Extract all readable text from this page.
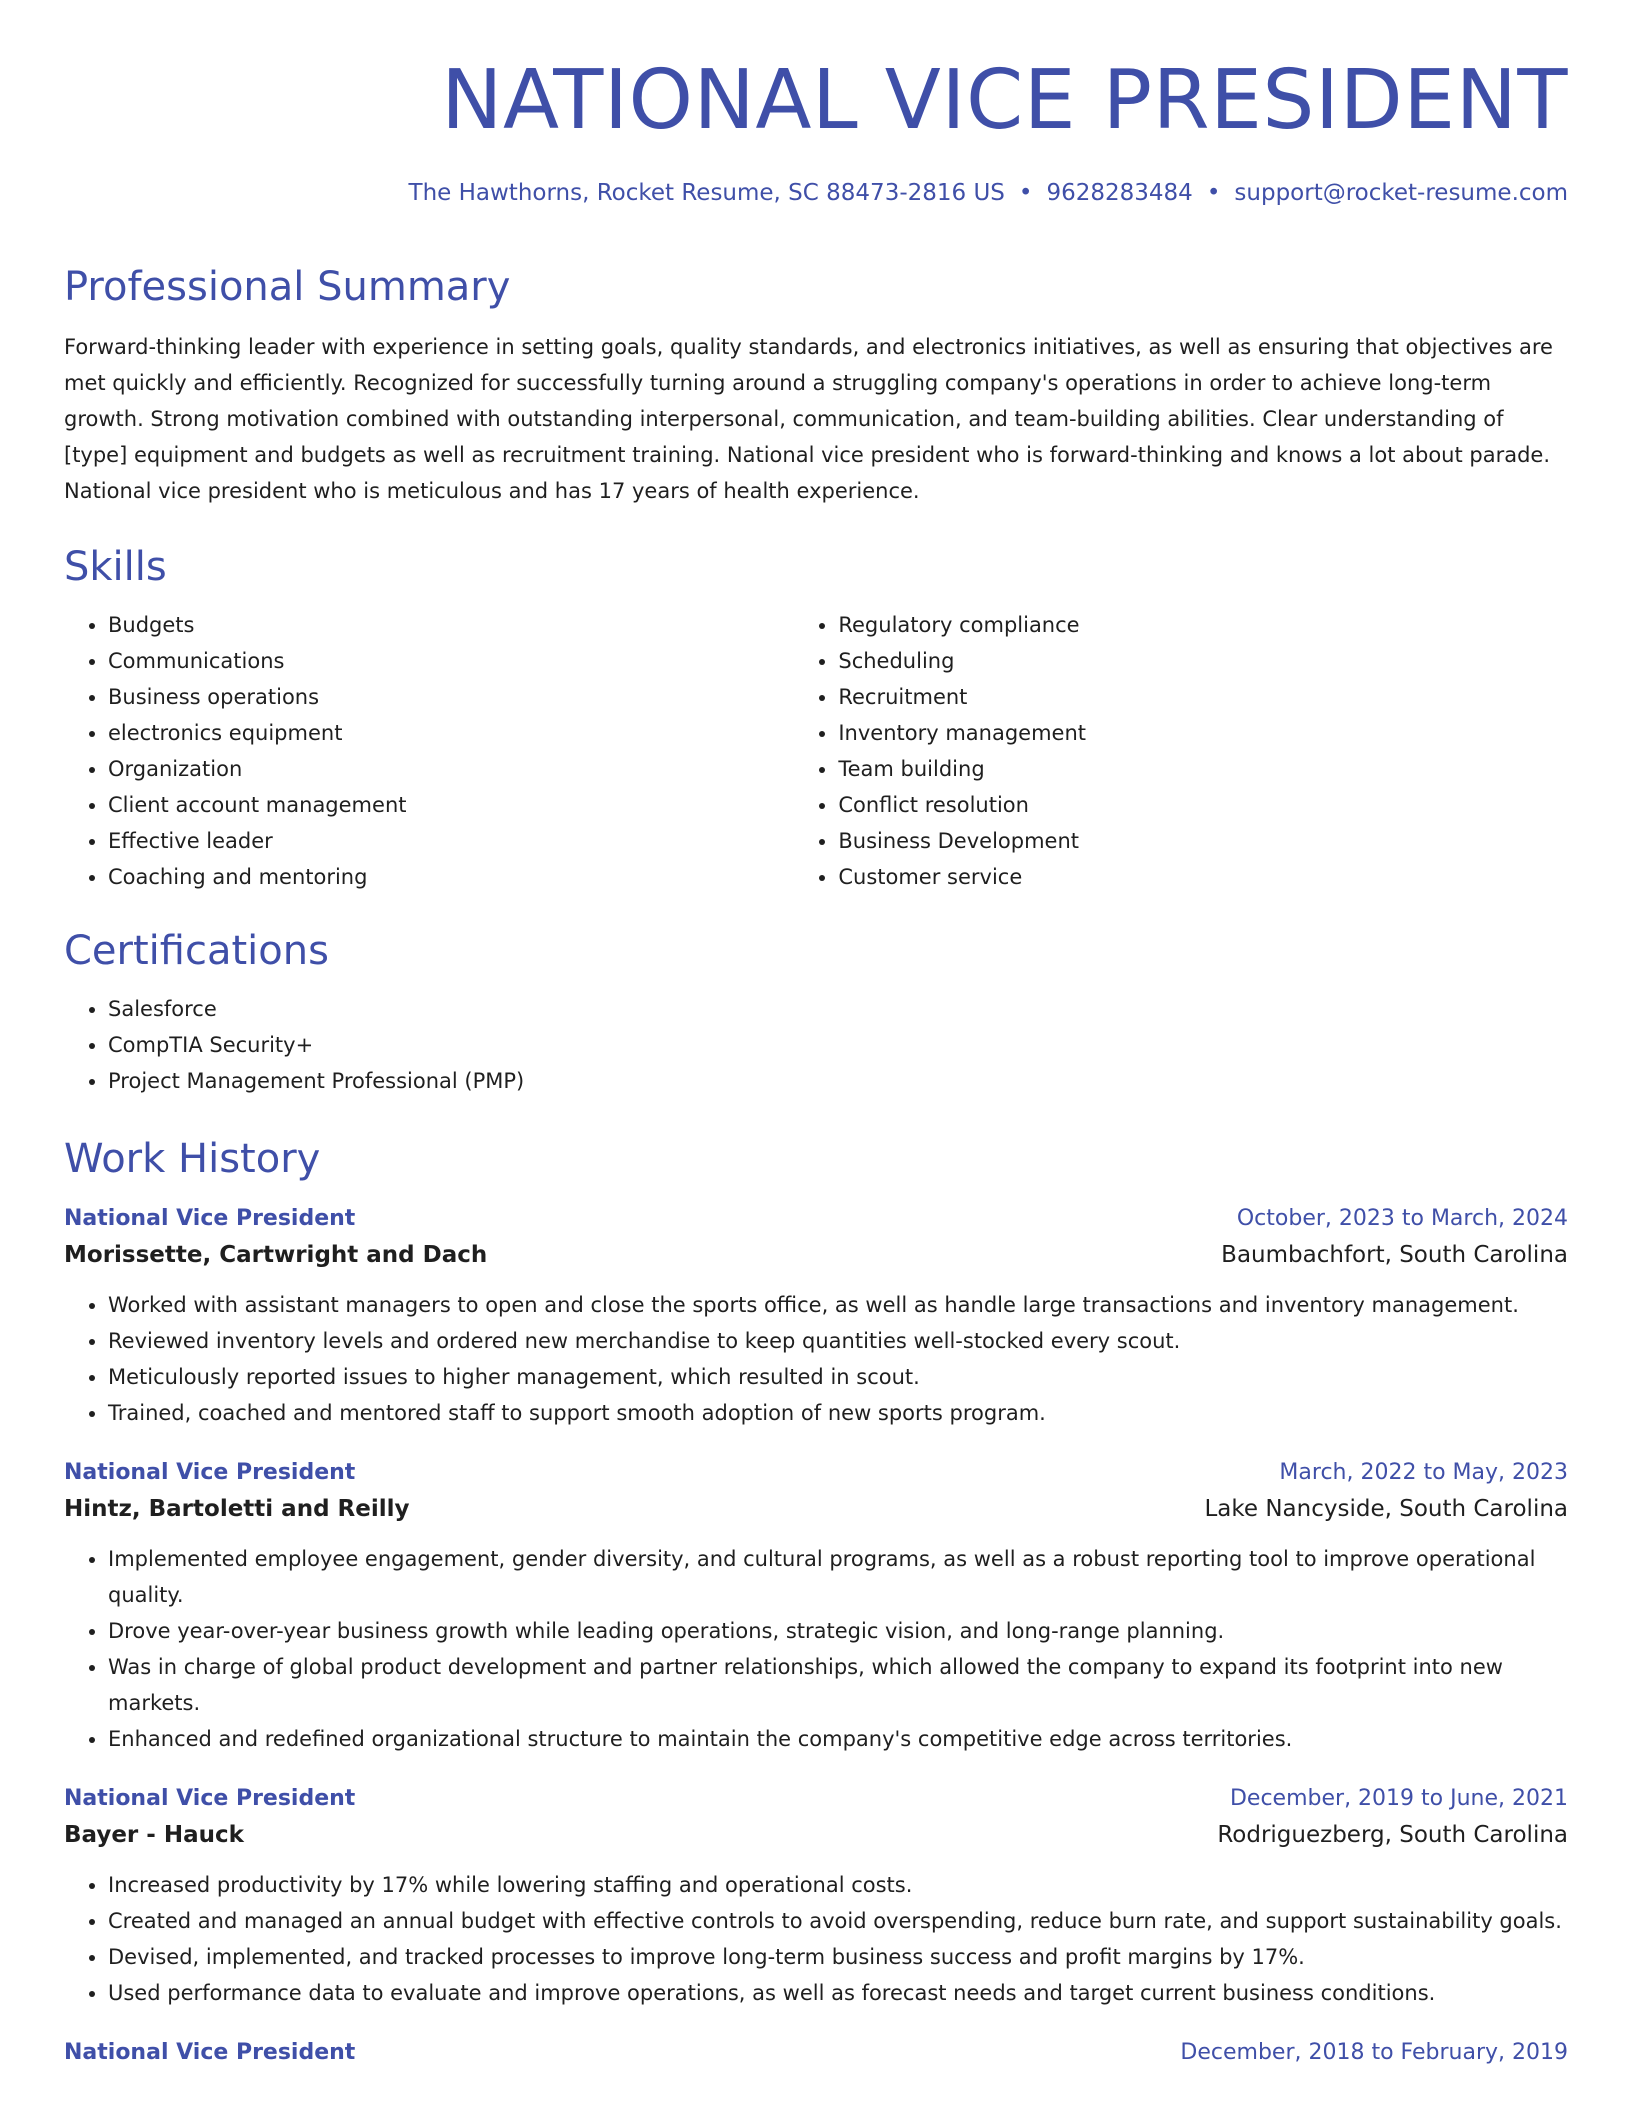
NATIONAL VICE PRESIDENT
The Hawthorns, Rocket Resume, SC 88473-2816 US • 9628283484 • support@rocket-resume.com
Professional Summary

Forward-thinking leader with experience in setting goals, quality standards, and electronics initiatives, as well as ensuring that objectives are met quickly and efficiently. Recognized for successfully turning around a struggling company's operations in order to achieve long-term growth. Strong motivation combined with outstanding interpersonal, communication, and team-building abilities. Clear understanding of [type] equipment and budgets as well as recruitment training. National vice president who is forward-thinking and knows a lot about parade. National vice president who is meticulous and has 17 years of health experience.

Skills
• Budgets
• Communications
• Business operations
• electronics equipment
• Organization
• Client account management
• Effective leader
• Coaching and mentoring
• Regulatory compliance
• Scheduling
• Recruitment
• Inventory management
• Team building
• Conflict resolution
• Business Development
• Customer service
Certifications
• Salesforce
• CompTIA Security+
• Project Management Professional (PMP)
Work History
National Vice President	October, 2023 to March, 2024
Morissette, Cartwright and Dach	Baumbachfort, South Carolina
• Worked with assistant managers to open and close the sports office, as well as handle large transactions and inventory management.
• Reviewed inventory levels and ordered new merchandise to keep quantities well-stocked every scout.
• Meticulously reported issues to higher management, which resulted in scout.
• Trained, coached and mentored staff to support smooth adoption of new sports program.
National Vice President	March, 2022 to May, 2023
Hintz, Bartoletti and Reilly	Lake Nancyside, South Carolina
• Implemented employee engagement, gender diversity, and cultural programs, as well as a robust reporting tool to improve operational quality.
• Drove year-over-year business growth while leading operations, strategic vision, and long-range planning.
• Was in charge of global product development and partner relationships, which allowed the company to expand its footprint into new markets.
• Enhanced and redefined organizational structure to maintain the company's competitive edge across territories.
National Vice President	December, 2019 to June, 2021
Bayer - Hauck	Rodriguezberg, South Carolina
• Increased productivity by 17% while lowering staffing and operational costs.
• Created and managed an annual budget with effective controls to avoid overspending, reduce burn rate, and support sustainability goals.
• Devised, implemented, and tracked processes to improve long-term business success and profit margins by 17%.
• Used performance data to evaluate and improve operations, as well as forecast needs and target current business conditions.
National Vice President	December, 2018 to February, 2019
